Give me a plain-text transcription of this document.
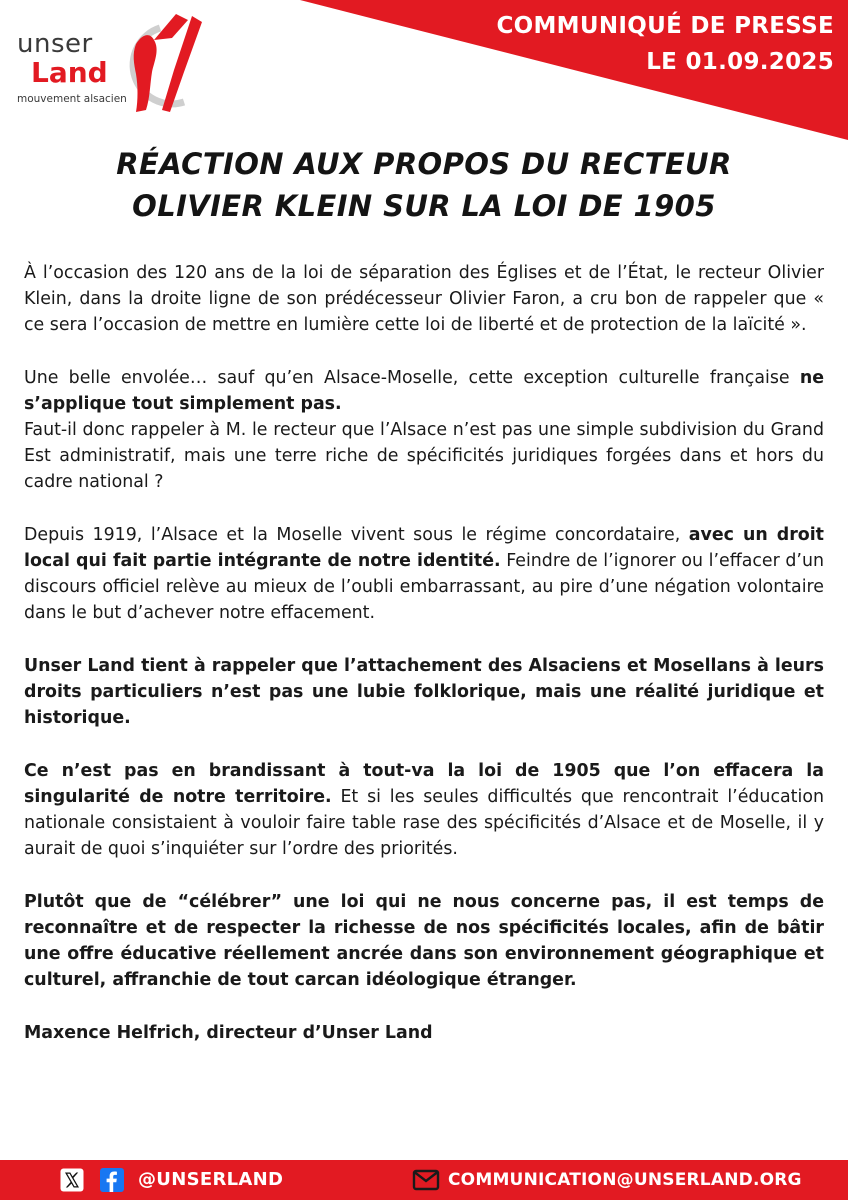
COMMUNIQUÉ DE PRESSE
LE 01.09.2025
unser
Land
mouvement alsacien
RÉACTION AUX PROPOS DU RECTEUR
OLIVIER KLEIN SUR LA LOI DE 1905

À l’occasion des 120 ans de la loi de séparation des Églises et de l’État, le recteur Olivier Klein, dans la droite ligne de son prédécesseur Olivier Faron, a cru bon de rappeler que « ce sera l’occasion de mettre en lumière cette loi de liberté et de protection de la laïcité ».

Une belle envolée… sauf qu’en Alsace-Moselle, cette exception culturelle française ne s’applique tout simplement pas.
Faut-il donc rappeler à M. le recteur que l’Alsace n’est pas une simple subdivision du Grand Est administratif, mais une terre riche de spécificités juridiques forgées dans et hors du cadre national ?

Depuis 1919, l’Alsace et la Moselle vivent sous le régime concordataire, avec un droit local qui fait partie intégrante de notre identité. Feindre de l’ignorer ou l’effacer d’un discours officiel relève au mieux de l’oubli embarrassant, au pire d’une négation volontaire dans le but d’achever notre effacement.

Unser Land tient à rappeler que l’attachement des Alsaciens et Mosellans à leurs droits particuliers n’est pas une lubie folklorique, mais une réalité juridique et historique.

Ce n’est pas en brandissant à tout-va la loi de 1905 que l’on effacera la singularité de notre territoire. Et si les seules difficultés que rencontrait l’éducation nationale consistaient à vouloir faire table rase des spécificités d’Alsace et de Moselle, il y aurait de quoi s’inquiéter sur l’ordre des priorités.

Plutôt que de “célébrer” une loi qui ne nous concerne pas, il est temps de reconnaître et de respecter la richesse de nos spécificités locales, afin de bâtir une offre éducative réellement ancrée dans son environnement géographique et culturel, affranchie de tout carcan idéologique étranger.

Maxence Helfrich, directeur d’Unser Land

@UNSERLAND	COMMUNICATION@UNSERLAND.ORG
